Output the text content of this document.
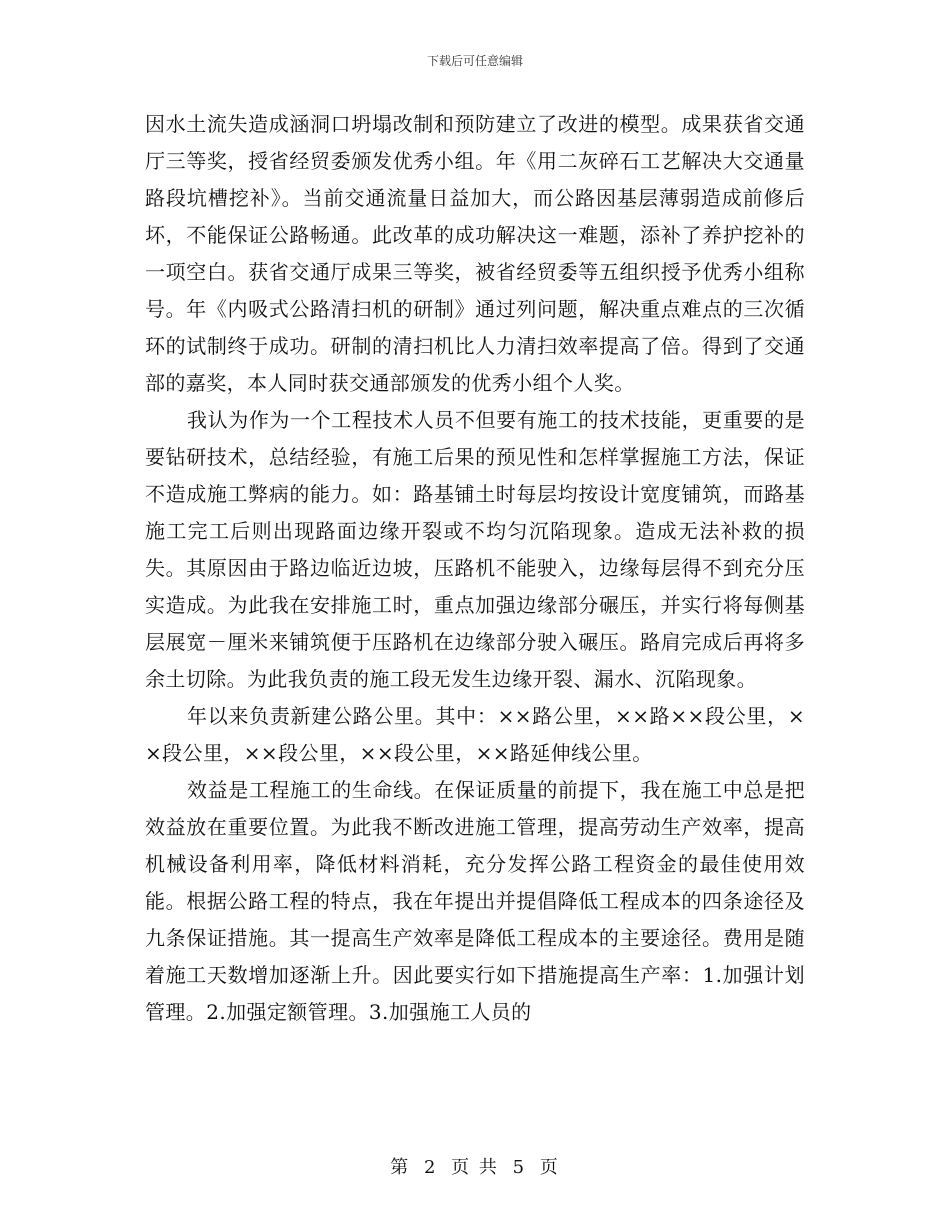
下载后可任意编辑

因水土流失造成涵洞口坍塌改制和预防建立了改进的模型。成果获省交通厅三等奖，授省经贸委颁发优秀小组。年《用二灰碎石工艺解决大交通量路段坑槽挖补》。当前交通流量日益加大，而公路因基层薄弱造成前修后坏，不能保证公路畅通。此改革的成功解决这一难题，添补了养护挖补的一项空白。获省交通厅成果三等奖，被省经贸委等五组织授予优秀小组称号。年《内吸式公路清扫机的研制》通过列问题，解决重点难点的三次循环的试制终于成功。研制的清扫机比人力清扫效率提高了倍。得到了交通部的嘉奖，本人同时获交通部颁发的优秀小组个人奖。

我认为作为一个工程技术人员不但要有施工的技术技能，更重要的是要钻研技术，总结经验，有施工后果的预见性和怎样掌握施工方法，保证不造成施工弊病的能力。如：路基铺土时每层均按设计宽度铺筑，而路基施工完工后则出现路面边缘开裂或不均匀沉陷现象。造成无法补救的损失。其原因由于路边临近边坡，压路机不能驶入，边缘每层得不到充分压实造成。为此我在安排施工时，重点加强边缘部分碾压，并实行将每侧基层展宽－厘米来铺筑便于压路机在边缘部分驶入碾压。路肩完成后再将多余土切除。为此我负责的施工段无发生边缘开裂、漏水、沉陷现象。

年以来负责新建公路公里。其中：××路公里，××路××段公里，××段公里，××段公里，××段公里，××路延伸线公里。

效益是工程施工的生命线。在保证质量的前提下，我在施工中总是把效益放在重要位置。为此我不断改进施工管理，提高劳动生产效率，提高机械设备利用率，降低材料消耗，充分发挥公路工程资金的最佳使用效能。根据公路工程的特点，我在年提出并提倡降低工程成本的四条途径及九条保证措施。其一提高生产效率是降低工程成本的主要途径。费用是随着施工天数增加逐渐上升。因此要实行如下措施提高生产率：1.加强计划管理。2.加强定额管理。3.加强施工人员的

第 2 页 共 5 页
